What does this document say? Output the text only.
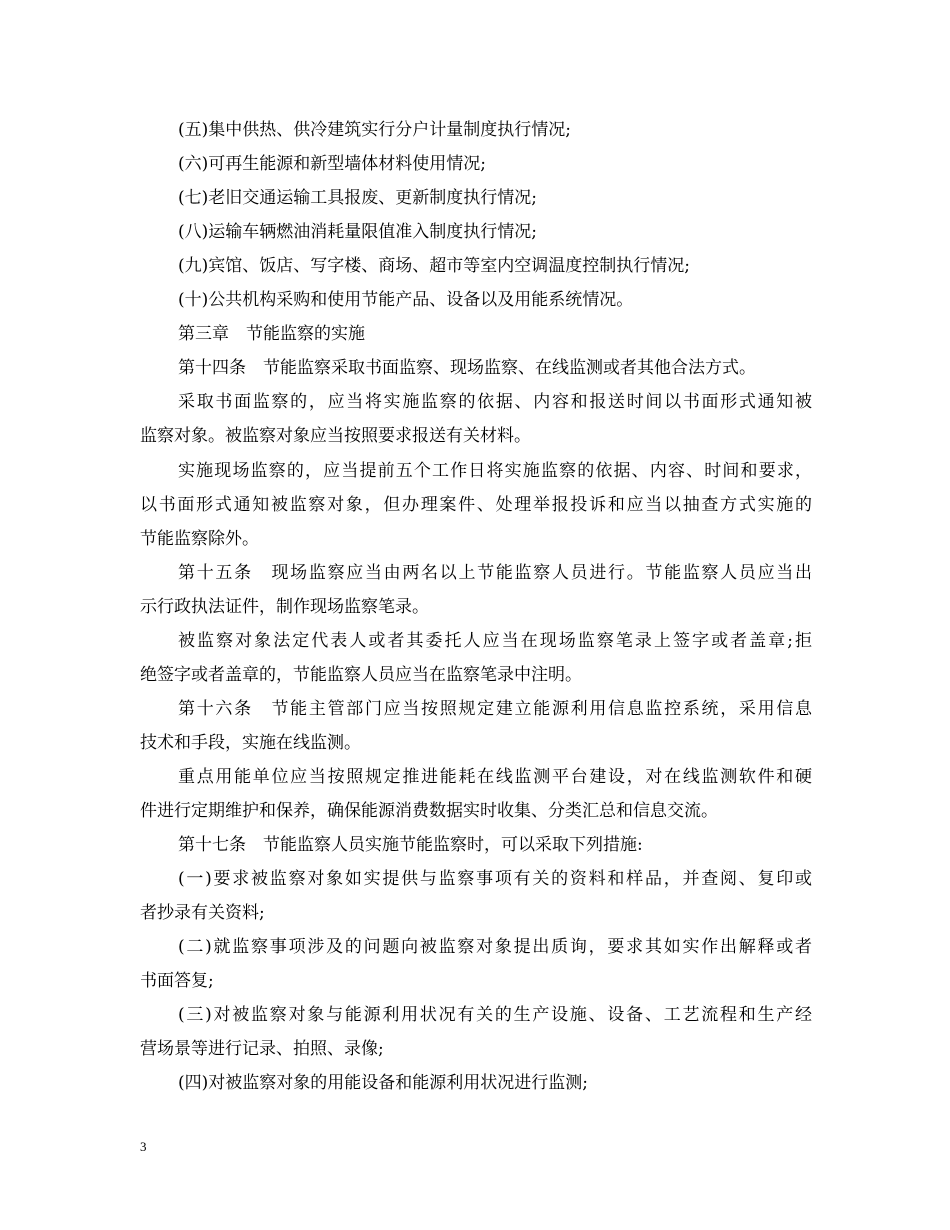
(五)集中供热、供冷建筑实行分户计量制度执行情况;
(六)可再生能源和新型墙体材料使用情况;
(七)老旧交通运输工具报废、更新制度执行情况;
(八)运输车辆燃油消耗量限值准入制度执行情况;
(九)宾馆、饭店、写字楼、商场、超市等室内空调温度控制执行情况;
(十)公共机构采购和使用节能产品、设备以及用能系统情况。
第三章　节能监察的实施
第十四条　节能监察采取书面监察、现场监察、在线监测或者其他合法方式。
采取书面监察的，应当将实施监察的依据、内容和报送时间以书面形式通知被
监察对象。被监察对象应当按照要求报送有关材料。
实施现场监察的，应当提前五个工作日将实施监察的依据、内容、时间和要求，
以书面形式通知被监察对象，但办理案件、处理举报投诉和应当以抽查方式实施的
节能监察除外。
第十五条　现场监察应当由两名以上节能监察人员进行。节能监察人员应当出
示行政执法证件，制作现场监察笔录。
被监察对象法定代表人或者其委托人应当在现场监察笔录上签字或者盖章;拒
绝签字或者盖章的，节能监察人员应当在监察笔录中注明。
第十六条　节能主管部门应当按照规定建立能源利用信息监控系统，采用信息
技术和手段，实施在线监测。
重点用能单位应当按照规定推进能耗在线监测平台建设，对在线监测软件和硬
件进行定期维护和保养，确保能源消费数据实时收集、分类汇总和信息交流。
第十七条　节能监察人员实施节能监察时，可以采取下列措施:
(一)要求被监察对象如实提供与监察事项有关的资料和样品，并查阅、复印或
者抄录有关资料;
(二)就监察事项涉及的问题向被监察对象提出质询，要求其如实作出解释或者
书面答复;
(三)对被监察对象与能源利用状况有关的生产设施、设备、工艺流程和生产经
营场景等进行记录、拍照、录像;
(四)对被监察对象的用能设备和能源利用状况进行监测;
3
